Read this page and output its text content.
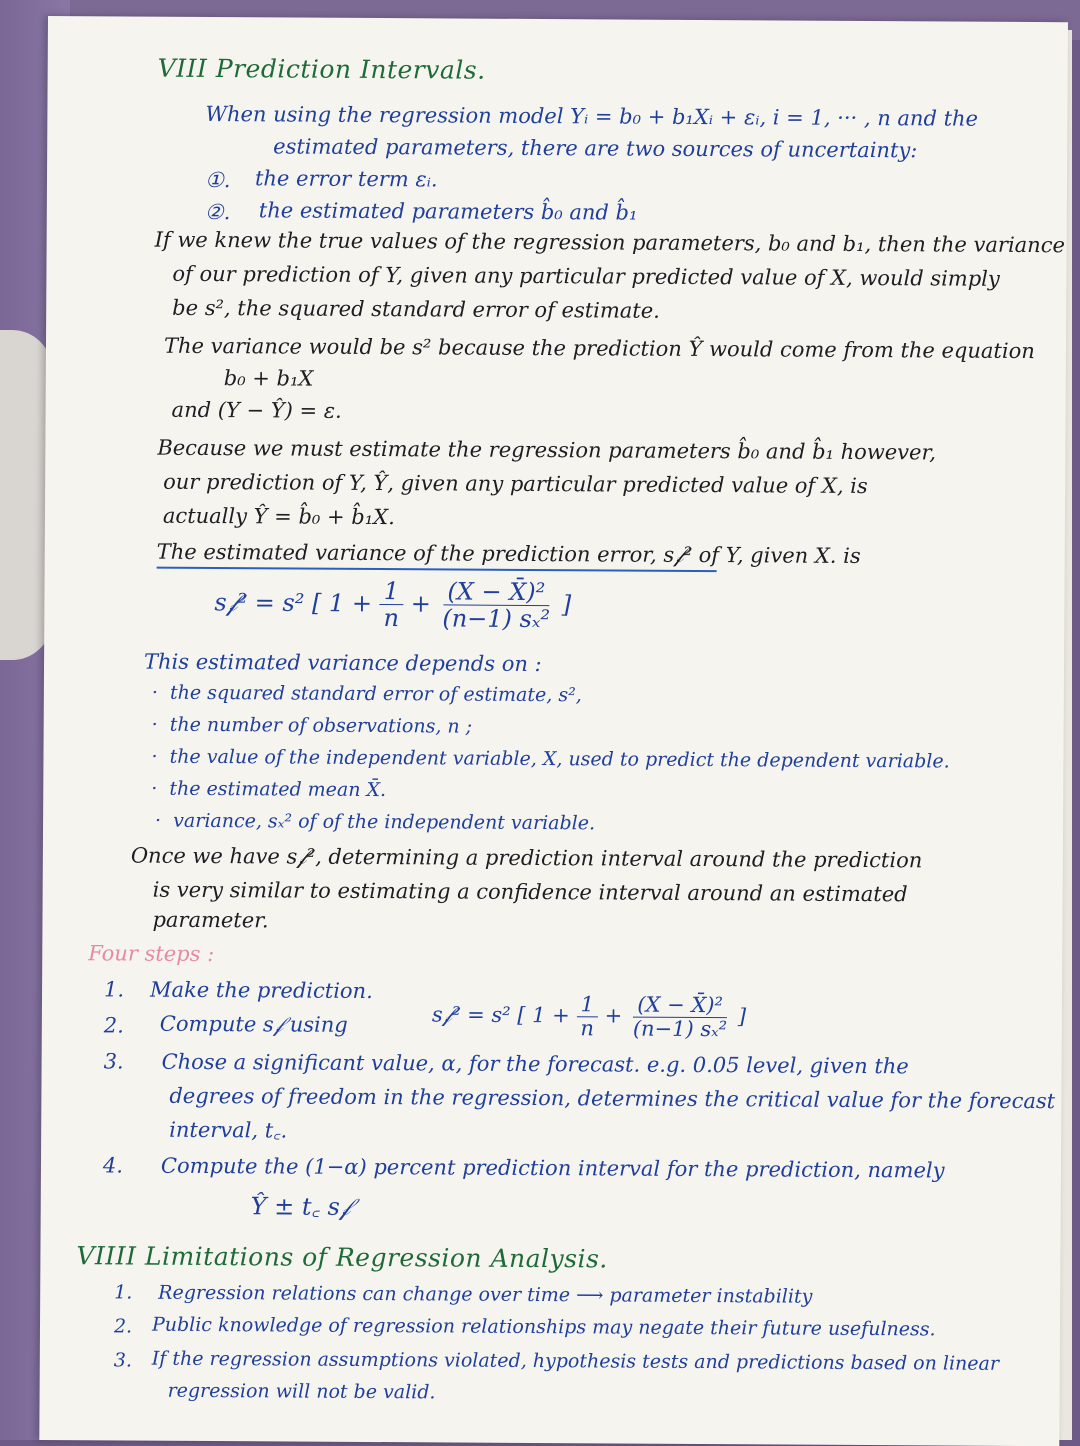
VIII Prediction Intervals.
When using the regression model Yᵢ = b₀ + b₁Xᵢ + εᵢ, i = 1, ··· , n and the
estimated parameters, there are two sources of uncertainty:
①. the error term εᵢ.
②. the estimated parameters b̂₀ and b̂₁
If we knew the true values of the regression parameters, b₀ and b₁, then the variance
of our prediction of Y, given any particular predicted value of X, would simply
be s², the squared standard error of estimate.
The variance would be s² because the prediction Ŷ would come from the equation
b₀ + b₁X
and (Y − Ŷ) = ε.
Because we must estimate the regression parameters b̂₀ and b̂₁ however,
our prediction of Y, Ŷ, given any particular predicted value of X, is
actually Ŷ = b̂₀ + b̂₁X.
The estimated variance of the prediction error, s𝒻² of Y, given X. is
s𝒻² = s² [ $1 + \frac{1}{n} + \frac{\text{(X − X̄)²}}{\text{(n−1) sₓ²}}$ ]
This estimated variance depends on :
·  the squared standard error of estimate, s²,
·  the number of observations, n ;
·  the value of the independent variable, X, used to predict the dependent variable.
·  the estimated mean X̄.
·  variance, sₓ² of of the independent variable.
Once we have s𝒻², determining a prediction interval around the prediction
is very similar to estimating a confidence interval around an estimated
parameter.
Four steps :
1. Make the prediction.
2. Compute s𝒻 using	s𝒻² = s² [ $1 + \frac{1}{n} + \frac{\text{(X − X̄)²}}{\text{(n−1) sₓ²}}$ ]
3. Chose a significant value, α, for the forecast. e.g. 0.05 level, given the
degrees of freedom in the regression, determines the critical value for the forecast
interval, t꜀.
4. Compute the (1−α) percent prediction interval for the prediction, namely
Ŷ ± t꜀ s𝒻
VIIII Limitations of Regression Analysis.
1. Regression relations can change over time ⟶ parameter instability
2. Public knowledge of regression relationships may negate their future usefulness.
3. If the regression assumptions violated, hypothesis tests and predictions based on linear
regression will not be valid.
